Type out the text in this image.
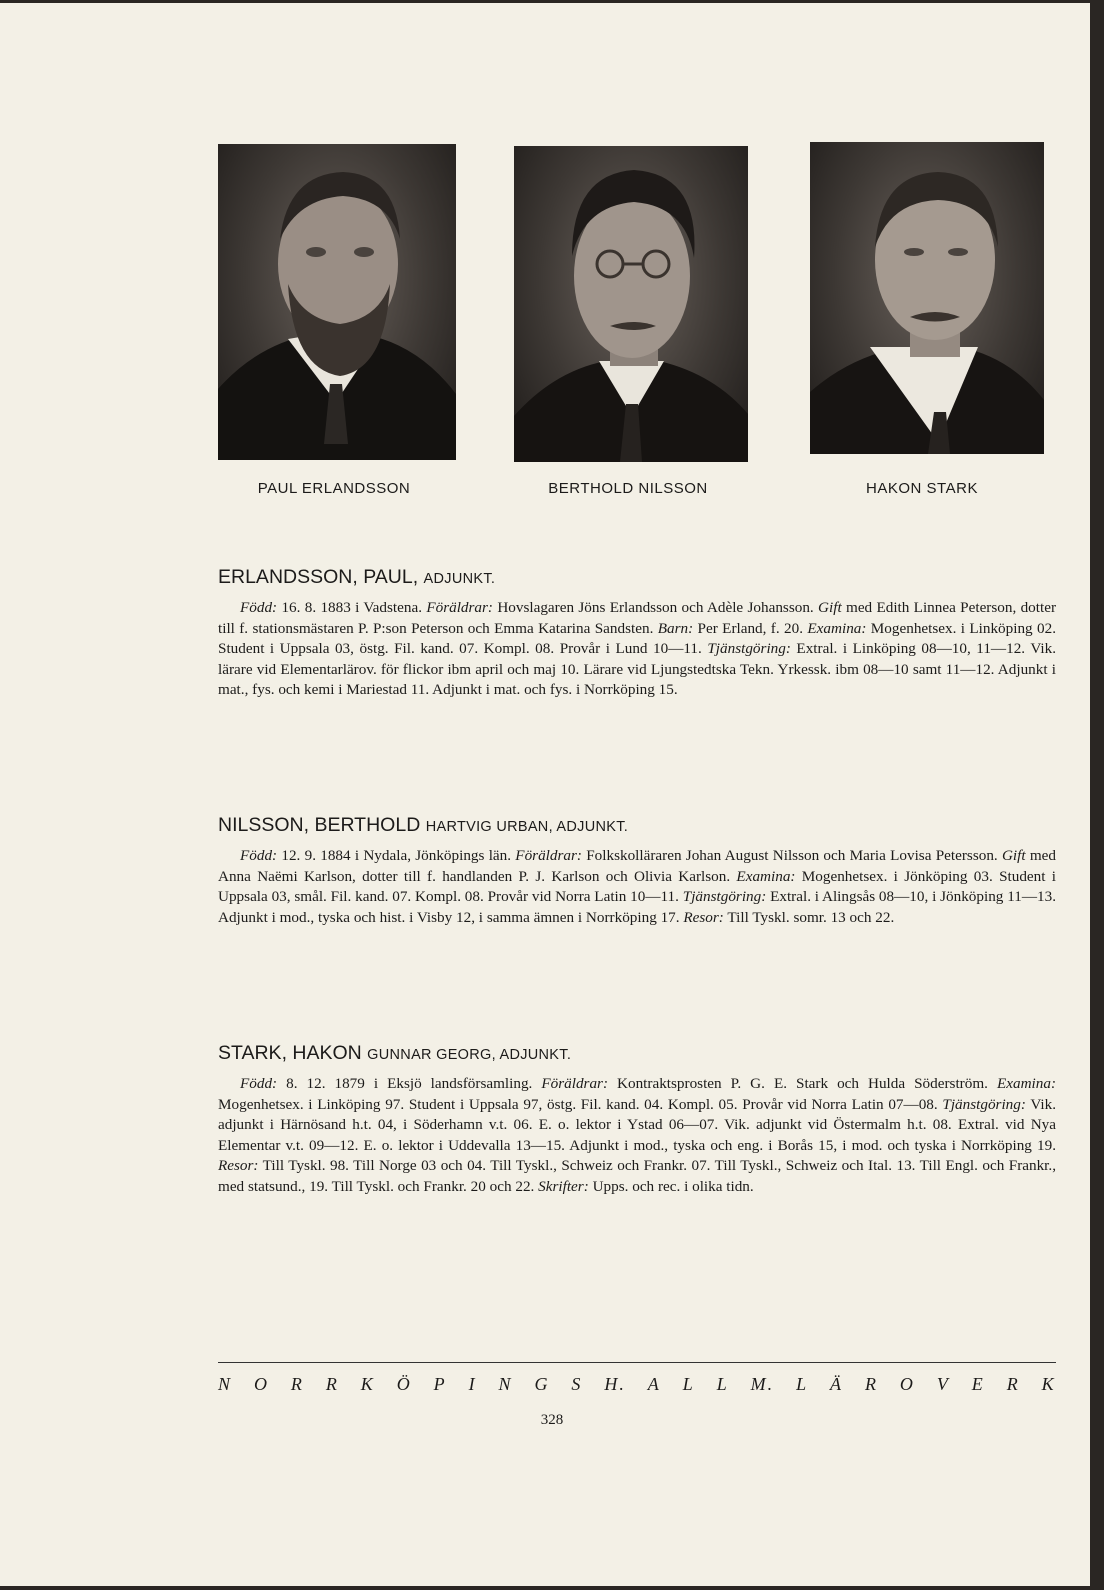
PAUL ERLANDSSON	BERTHOLD NILSSON	HAKON STARK
ERLANDSSON, PAUL, ADJUNKT.

Född: 16. 8. 1883 i Vadstena. Föräldrar: Hovslagaren Jöns Erlandsson och Adèle Johansson. Gift med Edith Linnea Peterson, dotter till f. stationsmästaren P. P:son Peterson och Emma Katarina Sandsten. Barn: Per Erland, f. 20. Examina: Mogenhetsex. i Linköping 02. Student i Uppsala 03, östg. Fil. kand. 07. Kompl. 08. Provår i Lund 10—11. Tjänstgöring: Extral. i Linköping 08—10, 11—12. Vik. lärare vid Elementarlärov. för flickor ibm april och maj 10. Lärare vid Ljungstedtska Tekn. Yrkessk. ibm 08—10 samt 11—12. Adjunkt i mat., fys. och kemi i Mariestad 11. Adjunkt i mat. och fys. i Norrköping 15.

NILSSON, BERTHOLD HARTVIG URBAN, ADJUNKT.

Född: 12. 9. 1884 i Nydala, Jönköpings län. Föräldrar: Folkskolläraren Johan August Nilsson och Maria Lovisa Petersson. Gift med Anna Naëmi Karlson, dotter till f. handlanden P. J. Karlson och Olivia Karlson. Examina: Mogenhetsex. i Jönköping 03. Student i Uppsala 03, smål. Fil. kand. 07. Kompl. 08. Provår vid Norra Latin 10—11. Tjänstgöring: Extral. i Alingsås 08—10, i Jönköping 11—13. Adjunkt i mod., tyska och hist. i Visby 12, i samma ämnen i Norrköping 17. Resor: Till Tyskl. somr. 13 och 22.

STARK, HAKON GUNNAR GEORG, ADJUNKT.

Född: 8. 12. 1879 i Eksjö landsförsamling. Föräldrar: Kontraktsprosten P. G. E. Stark och Hulda Söderström. Examina: Mogenhetsex. i Linköping 97. Student i Uppsala 97, östg. Fil. kand. 04. Kompl. 05. Provår vid Norra Latin 07—08. Tjänstgöring: Vik. adjunkt i Härnösand h.t. 04, i Söderhamn v.t. 06. E. o. lektor i Ystad 06—07. Vik. adjunkt vid Östermalm h.t. 08. Extral. vid Nya Elementar v.t. 09—12. E. o. lektor i Uddevalla 13—15. Adjunkt i mod., tyska och eng. i Borås 15, i mod. och tyska i Norrköping 19. Resor: Till Tyskl. 98. Till Norge 03 och 04. Till Tyskl., Schweiz och Frankr. 07. Till Tyskl., Schweiz och Ital. 13. Till Engl. och Frankr., med statsund., 19. Till Tyskl. och Frankr. 20 och 22. Skrifter: Upps. och rec. i olika tidn.

N O R R K Ö P I N G S H. A L L M. L Ä R O V E R K
328
